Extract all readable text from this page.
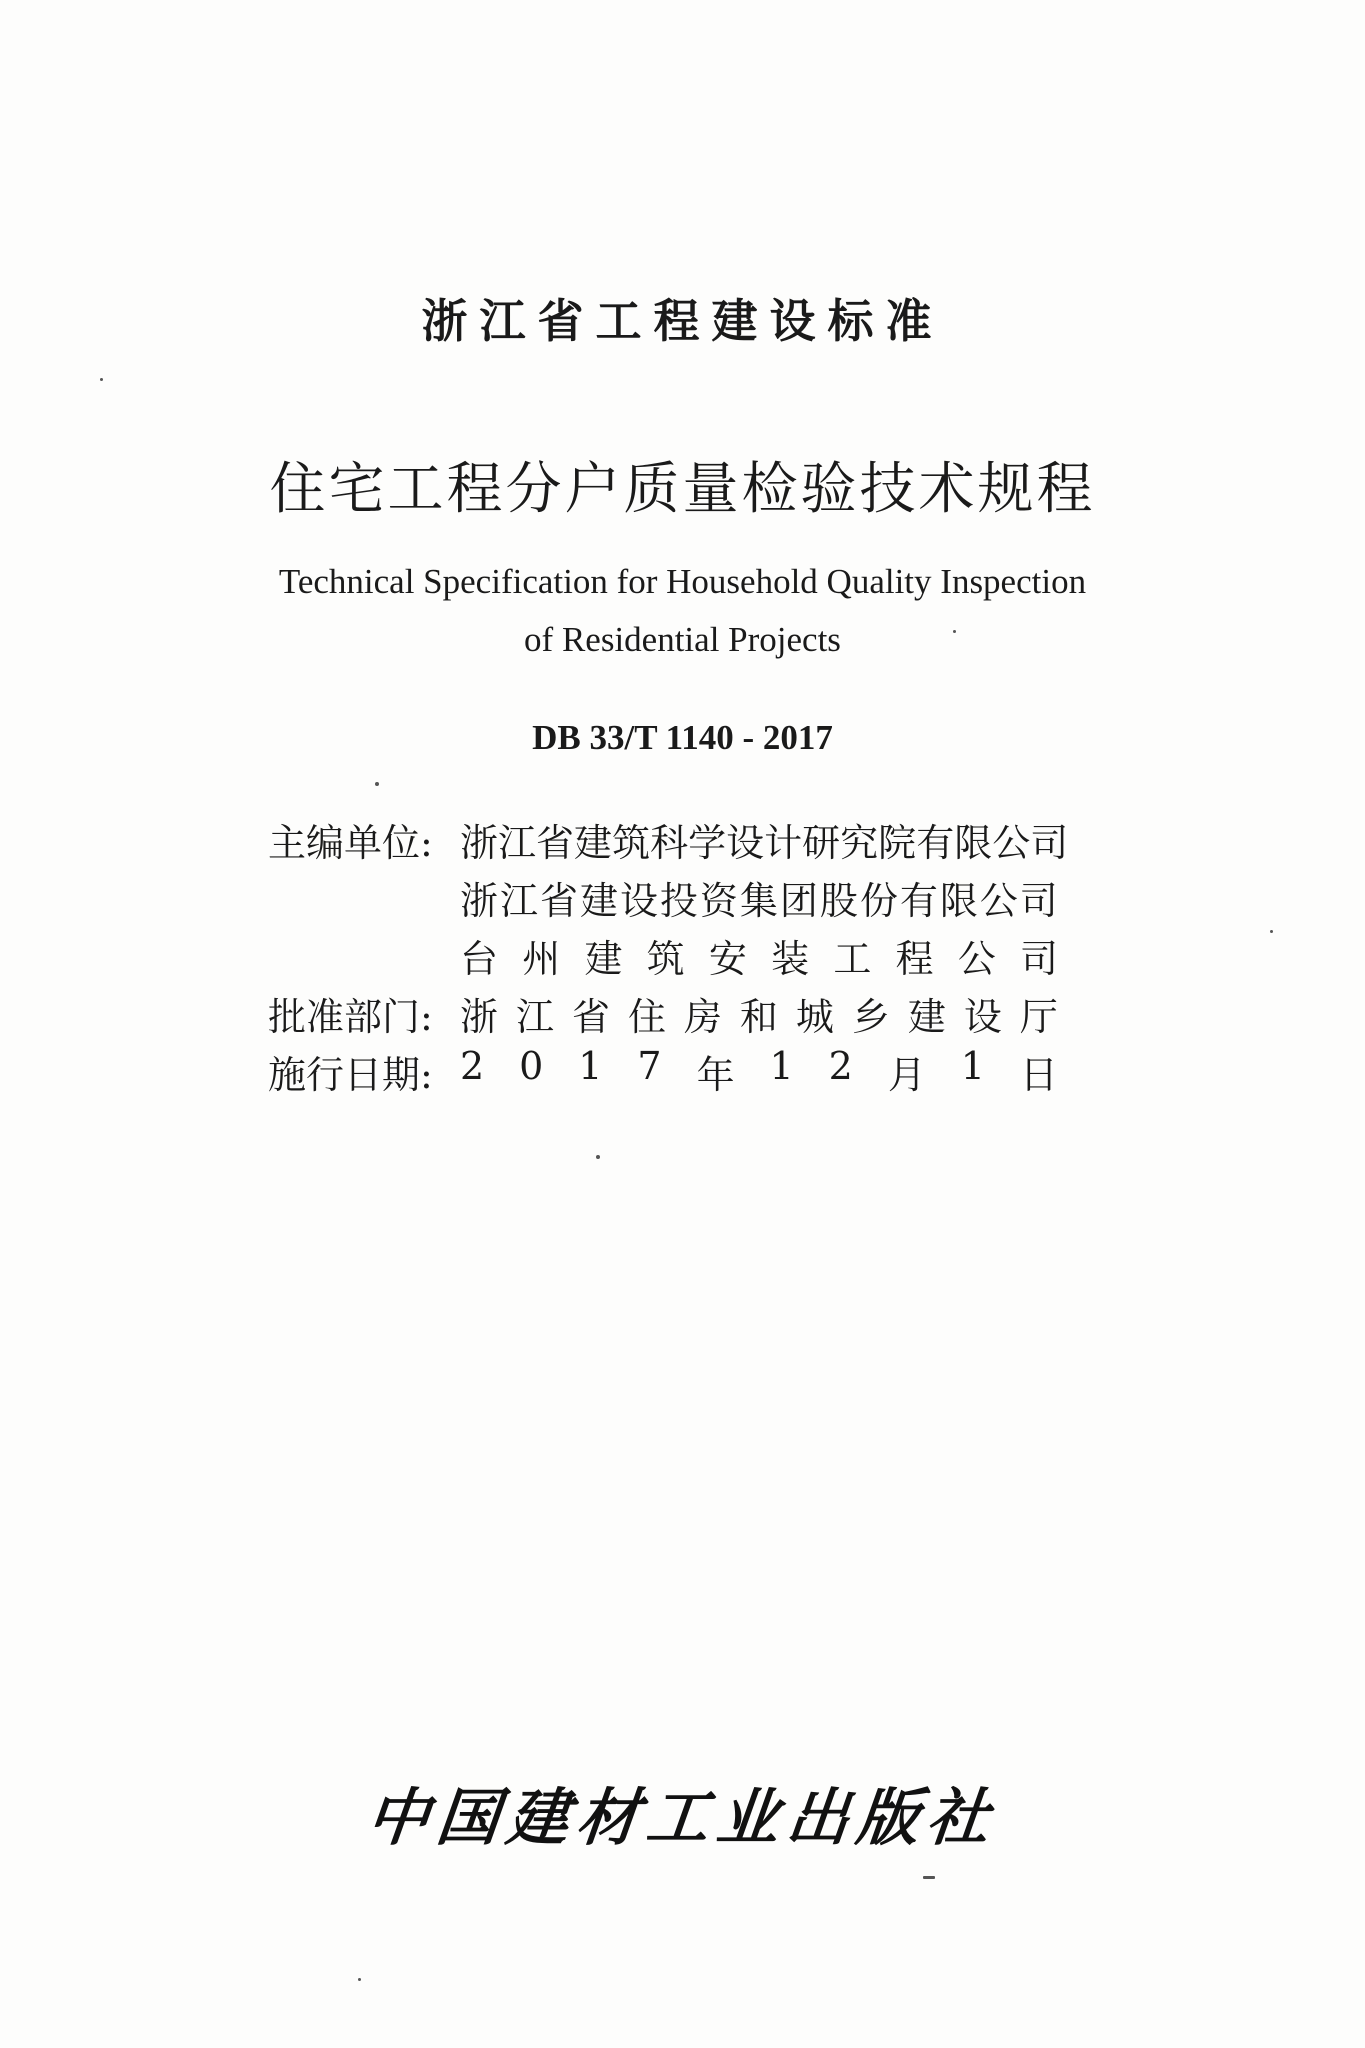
浙江省工程建设标准
住宅工程分户质量检验技术规程
Technical Specification for Household Quality Inspection
of Residential Projects
DB 33/T 1140 - 2017
主编单位: 浙 江 省 建 筑 科 学 设 计 研 究 院 有 限 公 司
浙 江 省 建 设 投 资 集 团 股 份 有 限 公 司
台 州 建 筑 安 装 工 程 公 司
批准部门: 浙 江 省 住 房 和 城 乡 建 设 厅
施行日期: 2 0 1 7 年 1 2 月 1 日
中国建材工业出版社
